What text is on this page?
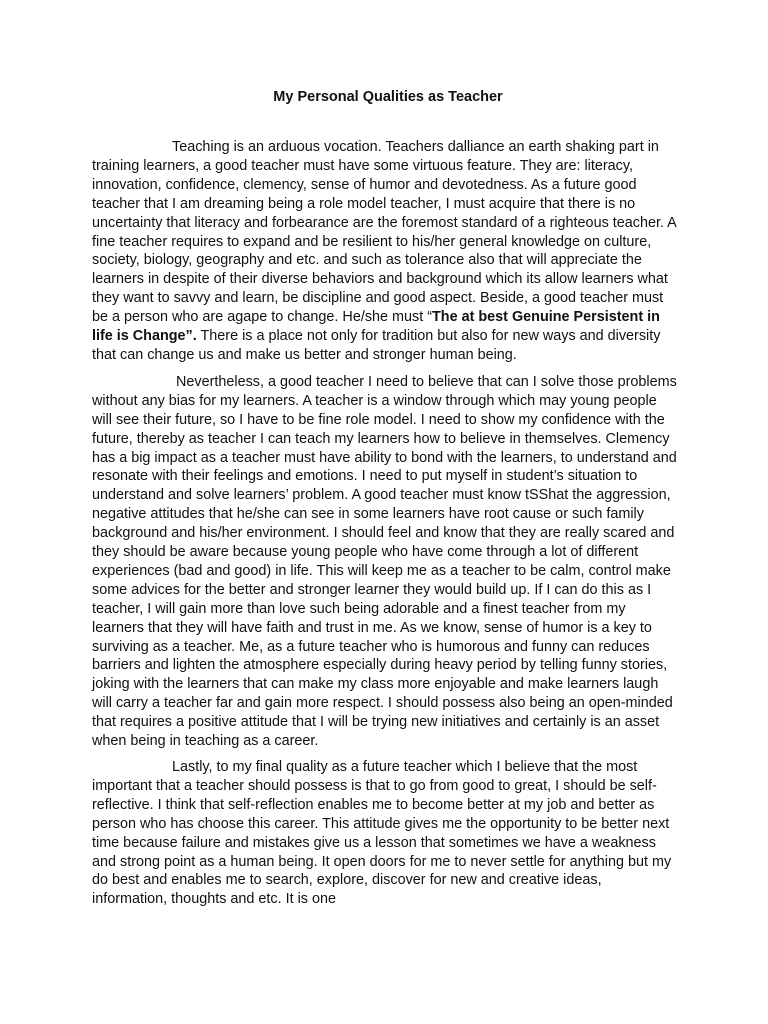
My Personal Qualities as Teacher

Teaching is an arduous vocation. Teachers dalliance an earth shaking part in training learners, a good teacher must have some virtuous feature. They are: literacy, innovation, confidence, clemency, sense of humor and devotedness. As a future good teacher that I am dreaming being a role model teacher, I must acquire that there is no uncertainty that literacy and forbearance are the foremost standard of a righteous teacher. A fine teacher requires to expand and be resilient to his/her general knowledge on culture, society, biology, geography and etc. and such as tolerance also that will appreciate the learners in despite of their diverse behaviors and background which its allow learners what they want to savvy and learn, be discipline and good aspect. Beside, a good teacher must be a person who are agape to change. He/she must “The at best Genuine Persistent in life is Change”. There is a place not only for tradition but also for new ways and diversity that can change us and make us better and stronger human being.

Nevertheless, a good teacher I need to believe that can I solve those problems without any bias for my learners. A teacher is a window through which may young people will see their future, so I have to be fine role model. I need to show my confidence with the future, thereby as teacher I can teach my learners how to believe in themselves. Clemency has a big impact as a teacher must have ability to bond with the learners, to understand and resonate with their feelings and emotions. I need to put myself in student’s situation to understand and solve learners’ problem. A good teacher must know tSShat the aggression, negative attitudes that he/she can see in some learners have root cause or such family background and his/her environment. I should feel and know that they are really scared and they should be aware because young people who have come through a lot of different experiences (bad and good) in life. This will keep me as a teacher to be calm, control make some advices for the better and stronger learner they would build up. If I can do this as I teacher, I will gain more than love such being adorable and a finest teacher from my learners that they will have faith and trust in me. As we know, sense of humor is a key to surviving as a teacher. Me, as a future teacher who is humorous and funny can reduces barriers and lighten the atmosphere especially during heavy period by telling funny stories, joking with the learners that can make my class more enjoyable and make learners laugh will carry a teacher far and gain more respect. I should possess also being an open-minded that requires a positive attitude that I will be trying new initiatives and certainly is an asset when being in teaching as a career.

Lastly, to my final quality as a future teacher which I believe that the most important that a teacher should possess is that to go from good to great, I should be self-reflective. I think that self-reflection enables me to become better at my job and better as person who has choose this career. This attitude gives me the opportunity to be better next time because failure and mistakes give us a lesson that sometimes we have a weakness and strong point as a human being. It open doors for me to never settle for anything but my do best and enables me to search, explore, discover for new and creative ideas, information, thoughts and etc. It is one
